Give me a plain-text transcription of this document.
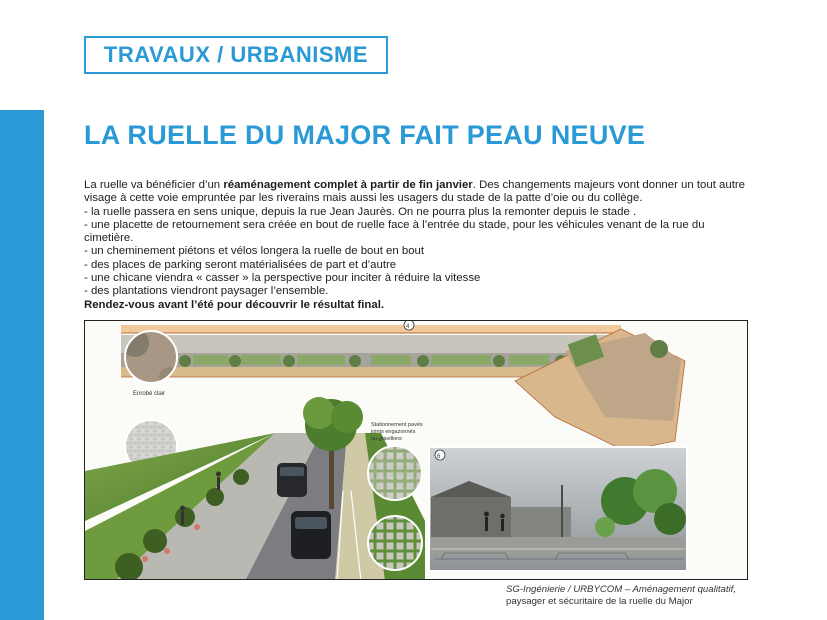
TRAVAUX / URBANISME
LA RUELLE DU MAJOR FAIT PEAU NEUVE

La ruelle va bénéficier d’un réaménagement complet à partir de fin janvier. Des changements majeurs vont donner un tout autre visage à cette voie empruntée par les riverains mais aussi les usagers du stade de la patte d’oie ou du collège.

- la ruelle passera en sens unique, depuis la rue Jean Jaurès. On ne pourra plus la remonter depuis le stade .

- une placette de retournement sera créée en bout de ruelle face à l’entrée du stade, pour les véhicules venant de la rue du cimetière.

- un cheminement piétons et vélos longera la ruelle de bout en bout

- des places de parking seront matérialisées de part et d’autre

- une chicane viendra « casser » la perspective pour inciter à réduire la vitesse

- des plantations viendront paysager l’ensemble.

Rendez-vous avant l’été pour découvrir le résultat final.

4
Enrobé clair
Stationnement pavés
joints engazonnés
ou gravillons
6
SG-Ingénierie / URBYCOM – Aménagement qualitatif,
paysager et sécuritaire de la ruelle du Major
